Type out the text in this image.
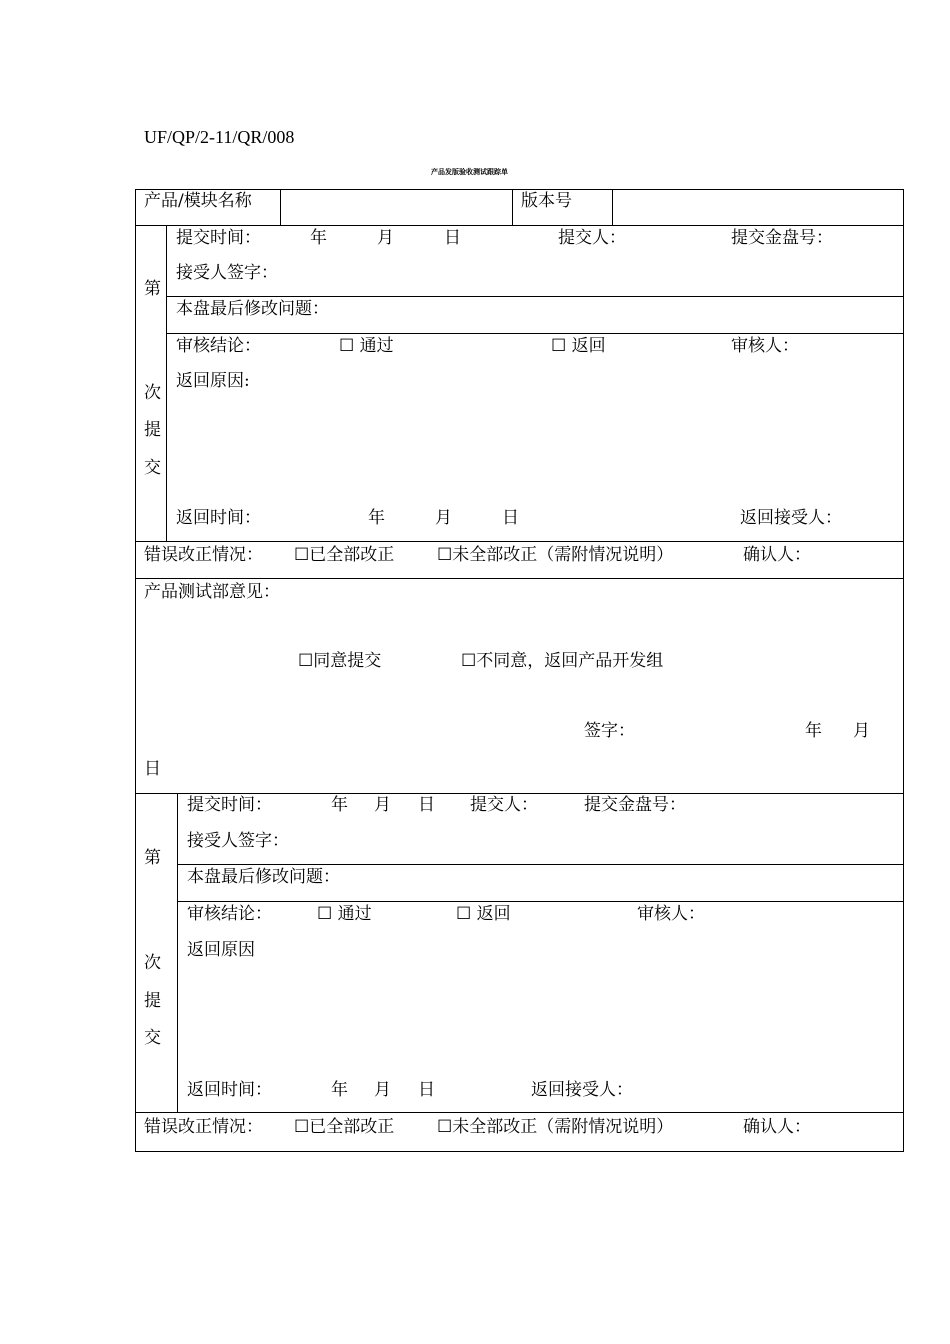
UF/QP/2-11/QR/008
产品发版验收测试跟踪单
产品/模块名称	版本号
第
次
提
交
提交时间：	年	月	日	提交人：	提交金盘号：
接受人签字：
本盘最后修改问题：
审核结论：	☐ 通过	☐ 返回	审核人：
返回原因:
返回时间：	年	月	日	返回接受人：
错误改正情况： ☐已全部改正	☐未全部改正（需附情况说明）	确认人：
产品测试部意见：
☐同意提交	☐不同意，返回产品开发组
签字：	年 月
日
第
次
提
交
提交时间：	年 月 日 提交人：	提交金盘号：
接受人签字：
本盘最后修改问题：
审核结论：	☐ 通过	☐ 返回	审核人：
返回原因
返回时间：	年 月 日	返回接受人：
错误改正情况： ☐已全部改正	☐未全部改正（需附情况说明）	确认人：
